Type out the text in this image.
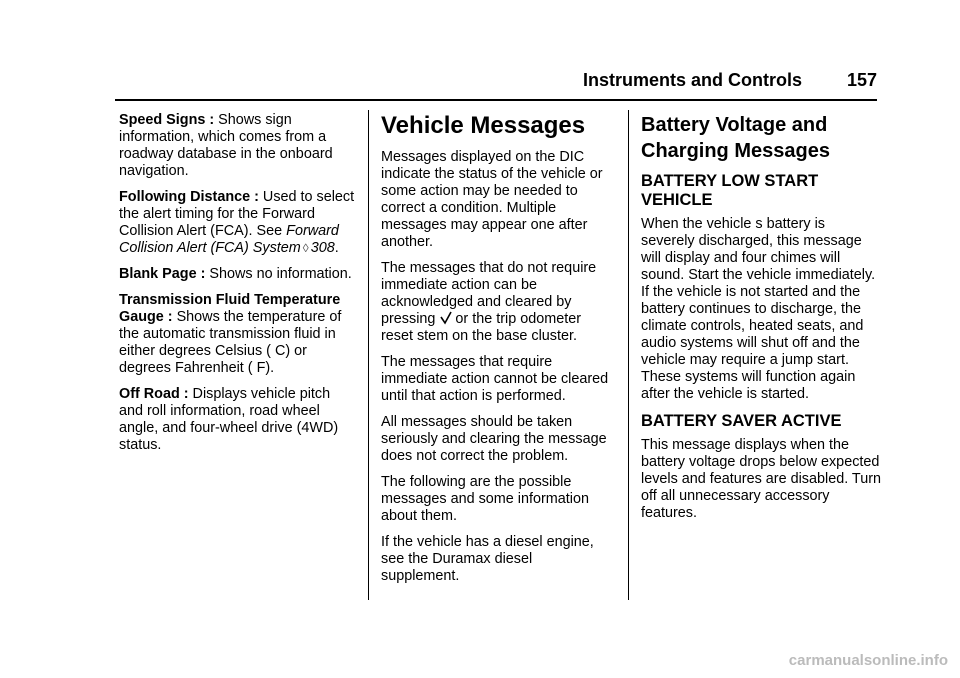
Instruments and Controls 157

Speed Signs : Shows sign information, which comes from a roadway database in the onboard navigation.

Following Distance : Used to select the alert timing for the Forward Collision Alert (FCA). See Forward Collision Alert (FCA) System ◊ 308.

Blank Page : Shows no information.

Transmission Fluid Temperature Gauge : Shows the temperature of the automatic transmission fluid in either degrees Celsius ( C) or degrees Fahrenheit ( F).

Off Road : Displays vehicle pitch and roll information, road wheel angle, and four-wheel drive (4WD) status.

Vehicle Messages

Messages displayed on the DIC indicate the status of the vehicle or some action may be needed to correct a condition. Multiple messages may appear one after another.

The messages that do not require immediate action can be acknowledged and cleared by pressing or the trip odometer reset stem on the base cluster.

The messages that require immediate action cannot be cleared until that action is performed.

All messages should be taken seriously and clearing the message does not correct the problem.

The following are the possible messages and some information about them.

If the vehicle has a diesel engine, see the Duramax diesel supplement.

Battery Voltage and Charging Messages
BATTERY LOW START VEHICLE

When the vehicle s battery is severely discharged, this message will display and four chimes will sound. Start the vehicle immediately. If the vehicle is not started and the battery continues to discharge, the climate controls, heated seats, and audio systems will shut off and the vehicle may require a jump start. These systems will function again after the vehicle is started.

BATTERY SAVER ACTIVE

This message displays when the battery voltage drops below expected levels and features are disabled. Turn off all unnecessary accessory features.

carmanualsonline.info
